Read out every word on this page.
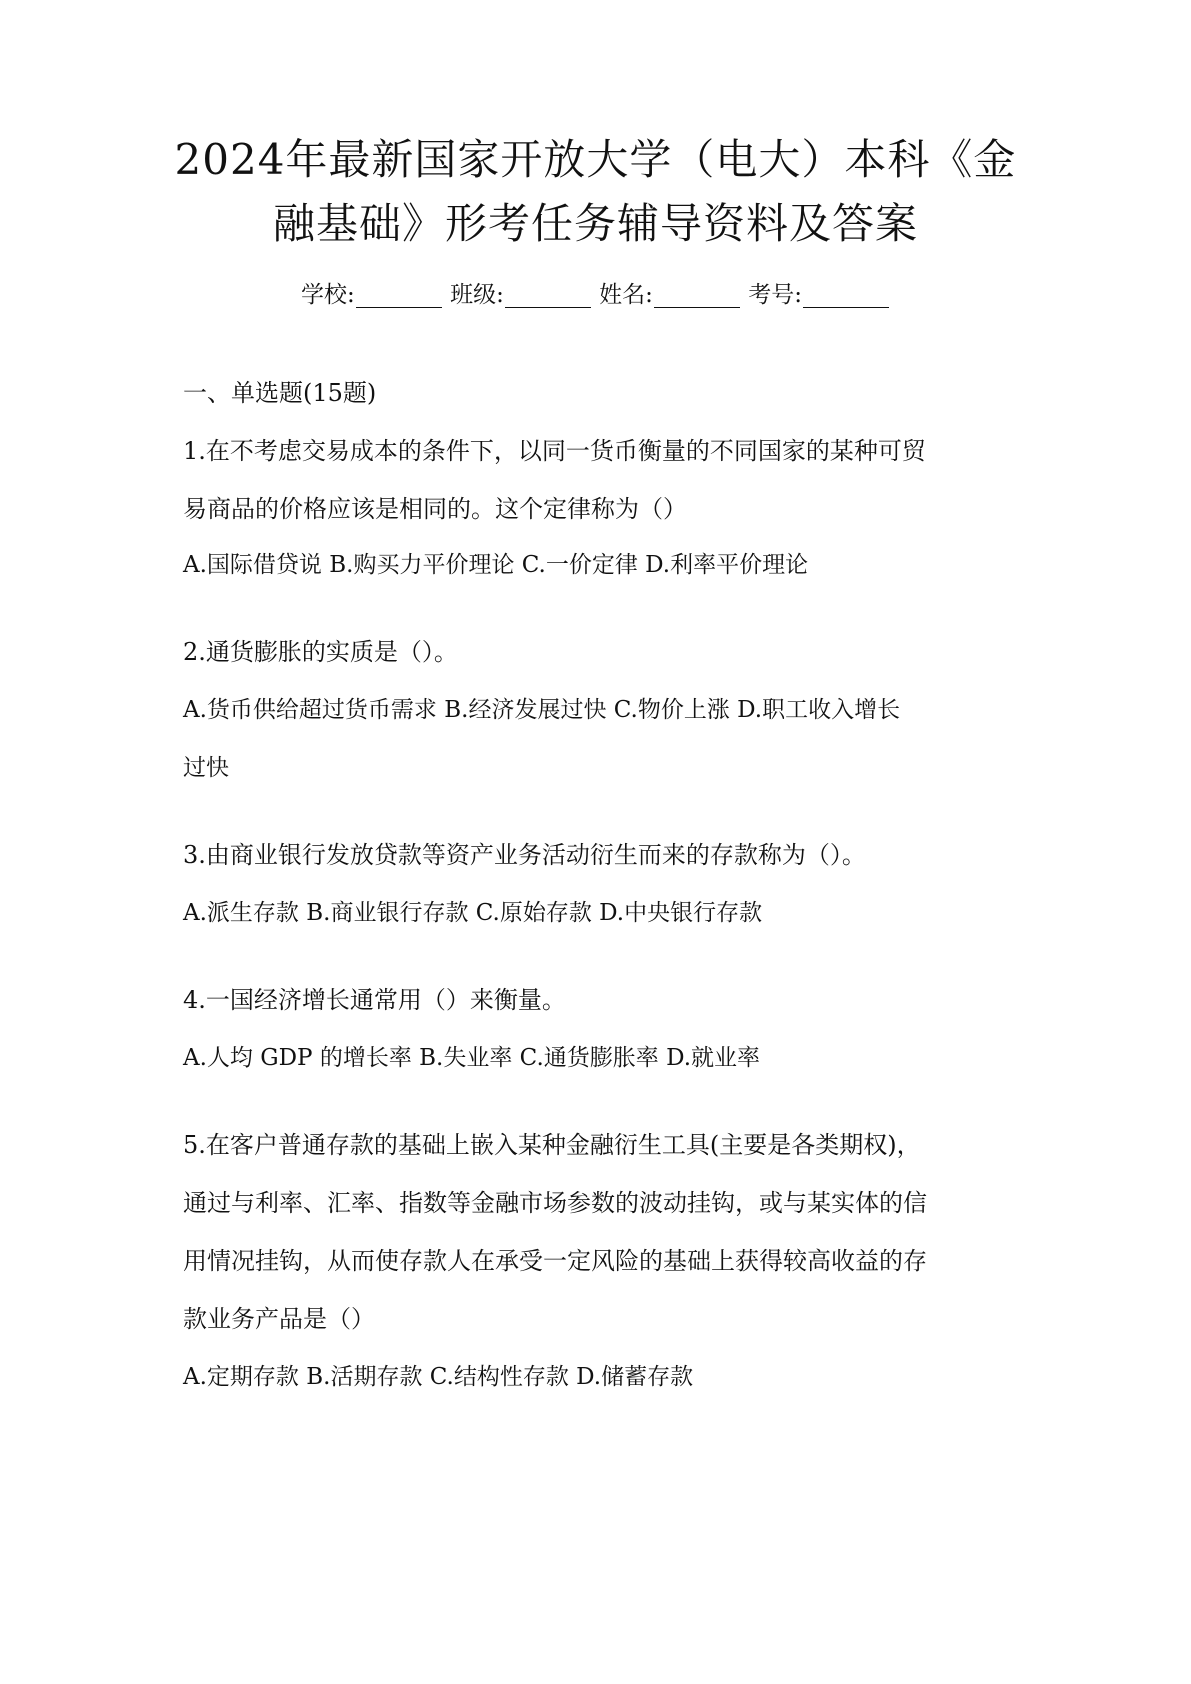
2024年最新国家开放大学（电大）本科《金
融基础》形考任务辅导资料及答案
学校:	班级:	姓名:	考号:
一、单选题(15题)
1.在不考虑交易成本的条件下，以同一货币衡量的不同国家的某种可贸
易商品的价格应该是相同的。这个定律称为（）
A.国际借贷说 B.购买力平价理论 C.一价定律 D.利率平价理论
2.通货膨胀的实质是（）。
A.货币供给超过货币需求 B.经济发展过快 C.物价上涨 D.职工收入增长
过快
3.由商业银行发放贷款等资产业务活动衍生而来的存款称为（）。
A.派生存款 B.商业银行存款 C.原始存款 D.中央银行存款
4.一国经济增长通常用（）来衡量。
A.人均 GDP 的增长率 B.失业率 C.通货膨胀率 D.就业率
5.在客户普通存款的基础上嵌入某种金融衍生工具(主要是各类期权)，
通过与利率、汇率、指数等金融市场参数的波动挂钩，或与某实体的信
用情况挂钩，从而使存款人在承受一定风险的基础上获得较高收益的存
款业务产品是（）
A.定期存款 B.活期存款 C.结构性存款 D.储蓄存款
